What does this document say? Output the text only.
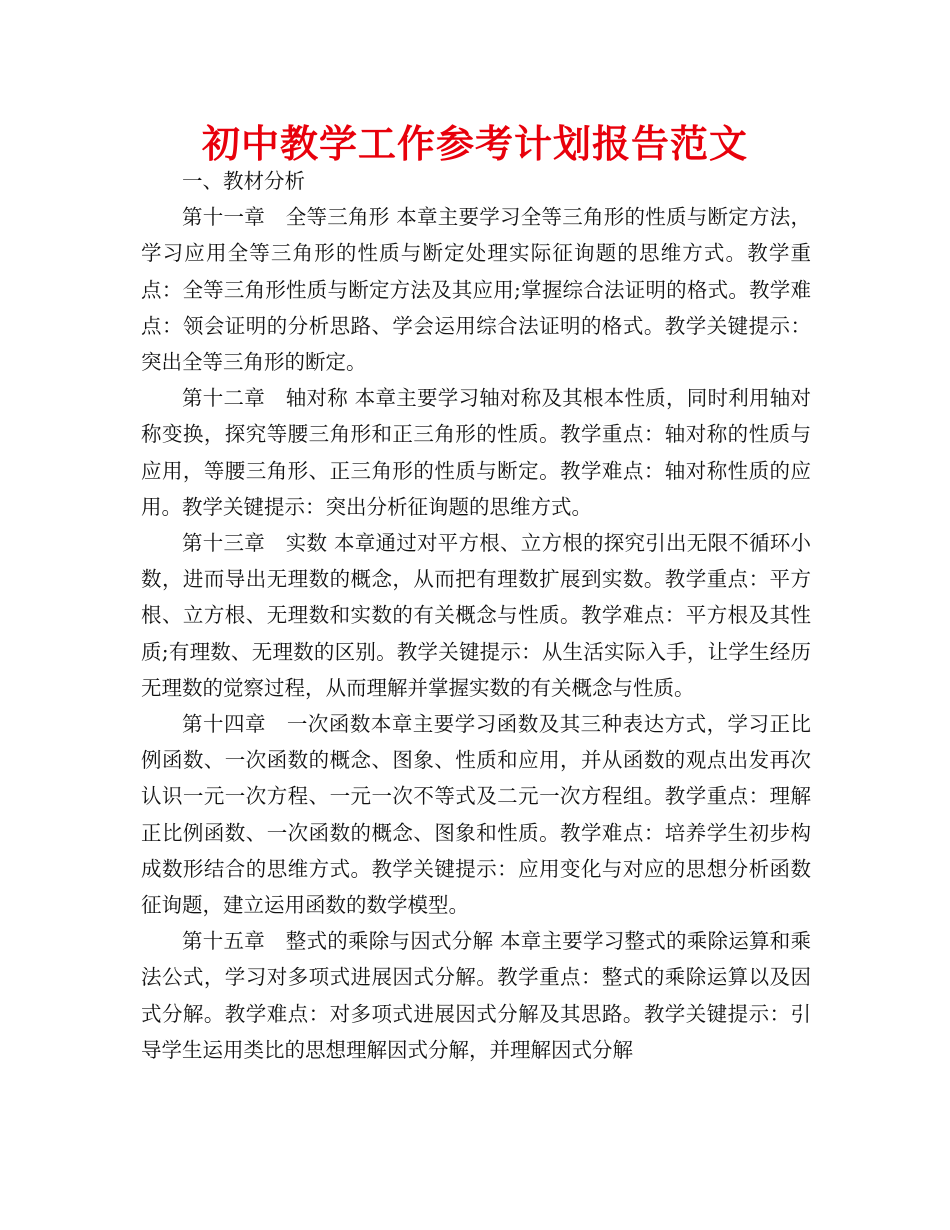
初中教学工作参考计划报告范文

一、教材分析

第十一章　全等三角形 本章主要学习全等三角形的性质与断定方法，学习应用全等三角形的性质与断定处理实际征询题的思维方式。教学重点：全等三角形性质与断定方法及其应用;掌握综合法证明的格式。教学难点：领会证明的分析思路、学会运用综合法证明的格式。教学关键提示：突出全等三角形的断定。

第十二章　轴对称 本章主要学习轴对称及其根本性质，同时利用轴对称变换，探究等腰三角形和正三角形的性质。教学重点：轴对称的性质与应用，等腰三角形、正三角形的性质与断定。教学难点：轴对称性质的应用。教学关键提示：突出分析征询题的思维方式。

第十三章　实数 本章通过对平方根、立方根的探究引出无限不循环小数，进而导出无理数的概念，从而把有理数扩展到实数。教学重点：平方根、立方根、无理数和实数的有关概念与性质。教学难点：平方根及其性质;有理数、无理数的区别。教学关键提示：从生活实际入手，让学生经历无理数的觉察过程，从而理解并掌握实数的有关概念与性质。

第十四章　一次函数本章主要学习函数及其三种表达方式，学习正比例函数、一次函数的概念、图象、性质和应用，并从函数的观点出发再次认识一元一次方程、一元一次不等式及二元一次方程组。教学重点：理解正比例函数、一次函数的概念、图象和性质。教学难点：培养学生初步构成数形结合的思维方式。教学关键提示：应用变化与对应的思想分析函数征询题，建立运用函数的数学模型。

第十五章　整式的乘除与因式分解 本章主要学习整式的乘除运算和乘法公式，学习对多项式进展因式分解。教学重点：整式的乘除运算以及因式分解。教学难点：对多项式进展因式分解及其思路。教学关键提示：引导学生运用类比的思想理解因式分解，并理解因式分解
